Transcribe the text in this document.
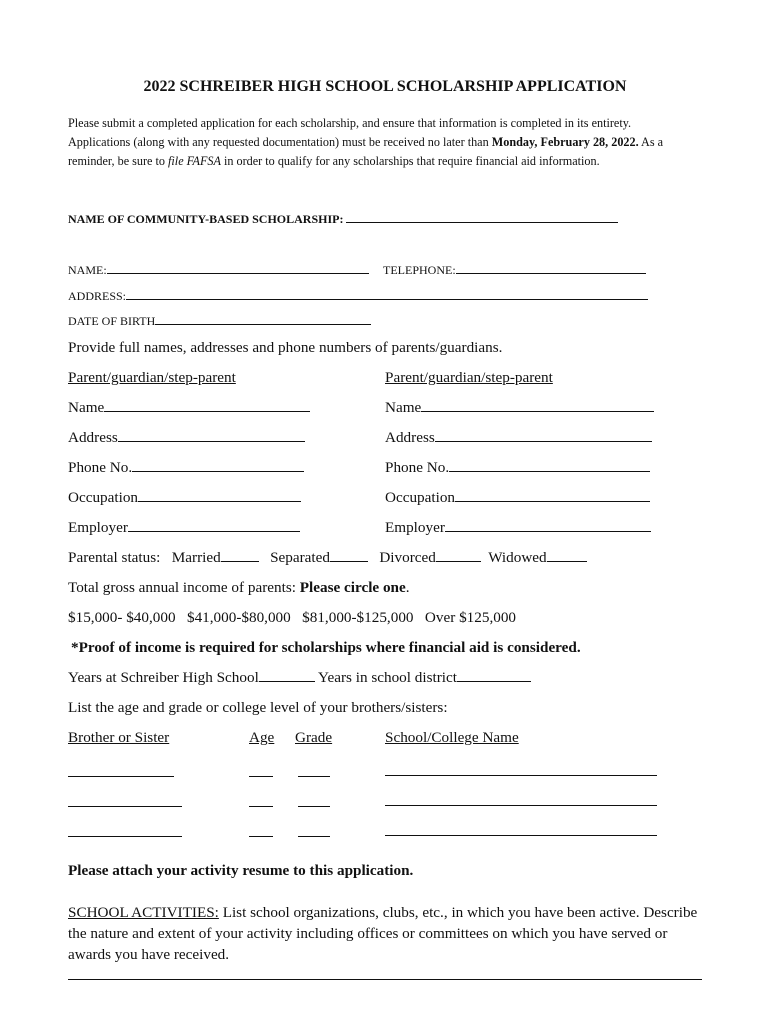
2022 SCHREIBER HIGH SCHOOL SCHOLARSHIP APPLICATION
Please submit a completed application for each scholarship, and ensure that information is completed in its entirety. Applications (along with any requested documentation) must be received no later than Monday, February 28, 2022. As a reminder, be sure to file FAFSA in order to qualify for any scholarships that require financial aid information.
NAME OF COMMUNITY-BASED SCHOLARSHIP:
NAME:	TELEPHONE:
ADDRESS:
DATE OF BIRTH
Provide full names, addresses and phone numbers of parents/guardians.
Parent/guardian/step-parent	Parent/guardian/step-parent
Name	Name
Address	Address
Phone No.	Phone No.
Occupation	Occupation
Employer	Employer
Parental status: Married	Separated	Divorced	Widowed
Total gross annual income of parents: Please circle one.
$15,000- $40,000 $41,000-$80,000 $81,000-$125,000 Over $125,000
*Proof of income is required for scholarships where financial aid is considered.
Years at Schreiber High School	Years in school district
List the age and grade or college level of your brothers/sisters:
Brother or Sister	Age Grade	School/College Name
Please attach your activity resume to this application.
SCHOOL ACTIVITIES: List school organizations, clubs, etc., in which you have been active. Describe the nature and extent of your activity including offices or committees on which you have served or awards you have received.
